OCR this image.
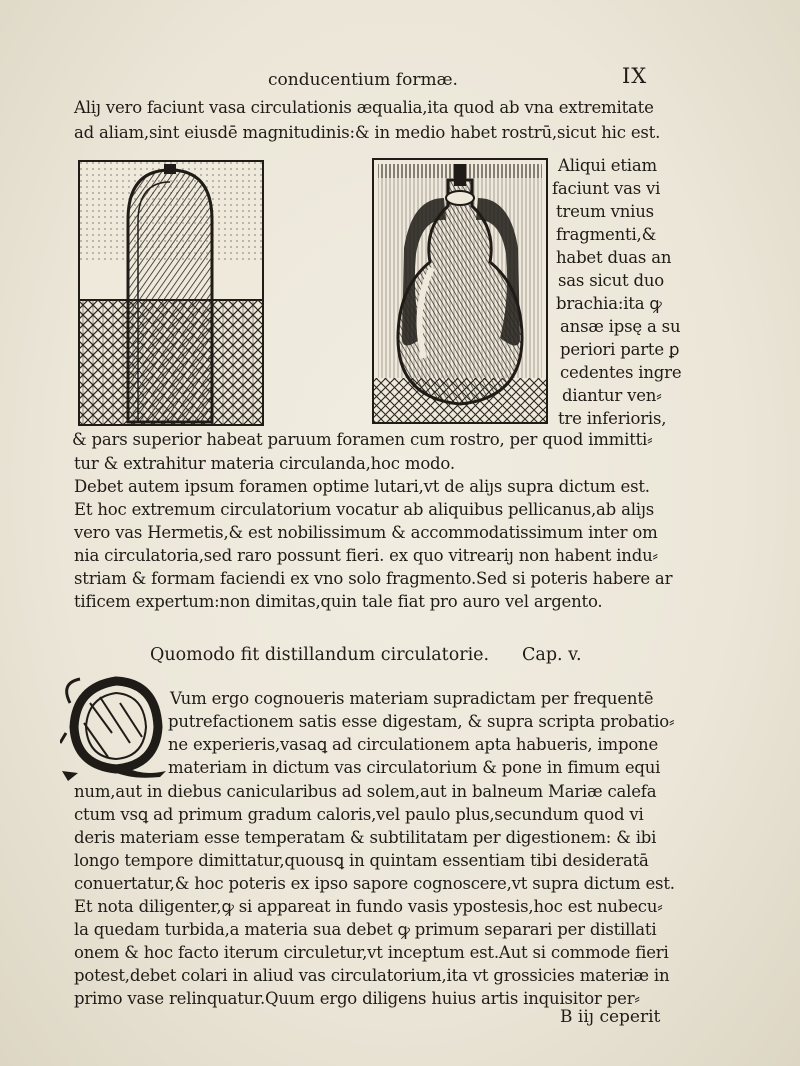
conducentium formæ.	IX
Aliȷ vero faciunt vasa circulationis æqualia,ita quod ab vna extremitate
ad aliam,sint eiusdē magnitudinis:& in medio habet rostrū,sicut hic est.
Aliqui etiam
faciunt vas vi
treum vnius
fragmenti,&
habet duas an
sas sicut duo
brachia:ita ꝙ
ansæ ipsę a su
periori parte ꝑ
cedentes ingre
diantur ven⸗
tre inferioris,
& pars superior habeat paruum foramen cum rostro, per quod immitti⸗
tur & extrahitur materia circulanda,hoc modo.
Debet autem ipsum foramen optime lutari,vt de aliȷs supra dictum est.
Et hoc extremum circulatorium vocatur ab aliquibus pellicanus,ab aliȷs
vero vas Hermetis,& est nobilissimum & accommodatissimum inter om
nia circulatoria,sed raro possunt fieri. ex quo vitreariȷ non habent indu⸗
striam & formam faciendi ex vno solo fragmento.Sed si poteris habere ar
tificem expertum:non dimitas,quin tale fiat pro auro vel argento.
Quomodo fit distillandum circulatorie. Cap. v.
Vum ergo cognoueris materiam supradictam per frequentē
putrefactionem satis esse digestam, & supra scripta probatio⸗
ne experieris,vasaꝗ ad circulationem apta habueris, impone
materiam in dictum vas circulatorium & pone in fimum equi
num,aut in diebus canicularibus ad solem,aut in balneum Mariæ calefa
ctum vsꝗ ad primum gradum caloris,vel paulo plus,secundum quod vi
deris materiam esse temperatam & subtilitatam per digestionem: & ibi
longo tempore dimittatur,quousꝗ in quintam essentiam tibi desideratā
conuertatur,& hoc poteris ex ipso sapore cognoscere,vt supra dictum est.
Et nota diligenter,ꝙ si appareat in fundo vasis ypostesis,hoc est nubecu⸗
la quedam turbida,a materia sua debet ꝙ primum separari per distillati
onem & hoc facto iterum circuletur,vt inceptum est.Aut si commode fieri
potest,debet colari in aliud vas circulatorium,ita vt grossicies materiæ in
primo vase relinquatur.Quum ergo diligens huius artis inquisitor per⸗
B iiȷ ceperit
